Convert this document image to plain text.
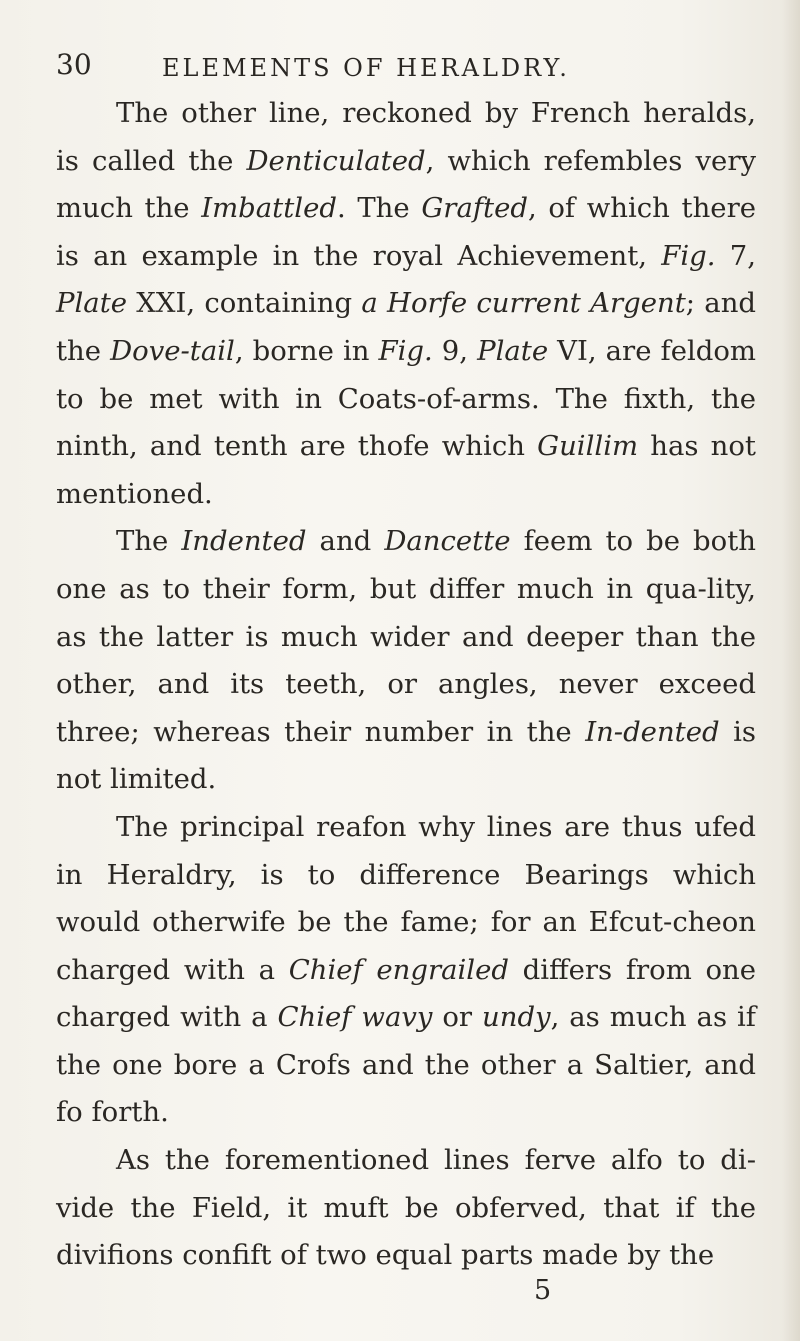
30	ELEMENTS OF HERALDRY.

The other line, reckoned by French heralds, is called the Denticulated, which refembles very much the Imbattled. The Grafted, of which there is an example in the royal Achievement, Fig. 7, Plate XXI, containing a Horfe current Argent; and the Dove-tail, borne in Fig. 9, Plate VI, are feldom to be met with in Coats-of-arms. The fixth, the ninth, and tenth are thofe which Guillim has not mentioned.

The Indented and Dancette feem to be both one as to their form, but differ much in qua-lity, as the latter is much wider and deeper than the other, and its teeth, or angles, never exceed three; whereas their number in the In-dented is not limited.

The principal reafon why lines are thus ufed in Heraldry, is to difference Bearings which would otherwife be the fame; for an Efcut-cheon charged with a Chief engrailed differs from one charged with a Chief wavy or undy, as much as if the one bore a Crofs and the other a Saltier, and fo forth.

As the forementioned lines ferve alfo to di-vide the Field, it muft be obferved, that if the divifions confift of two equal parts made by the

5
